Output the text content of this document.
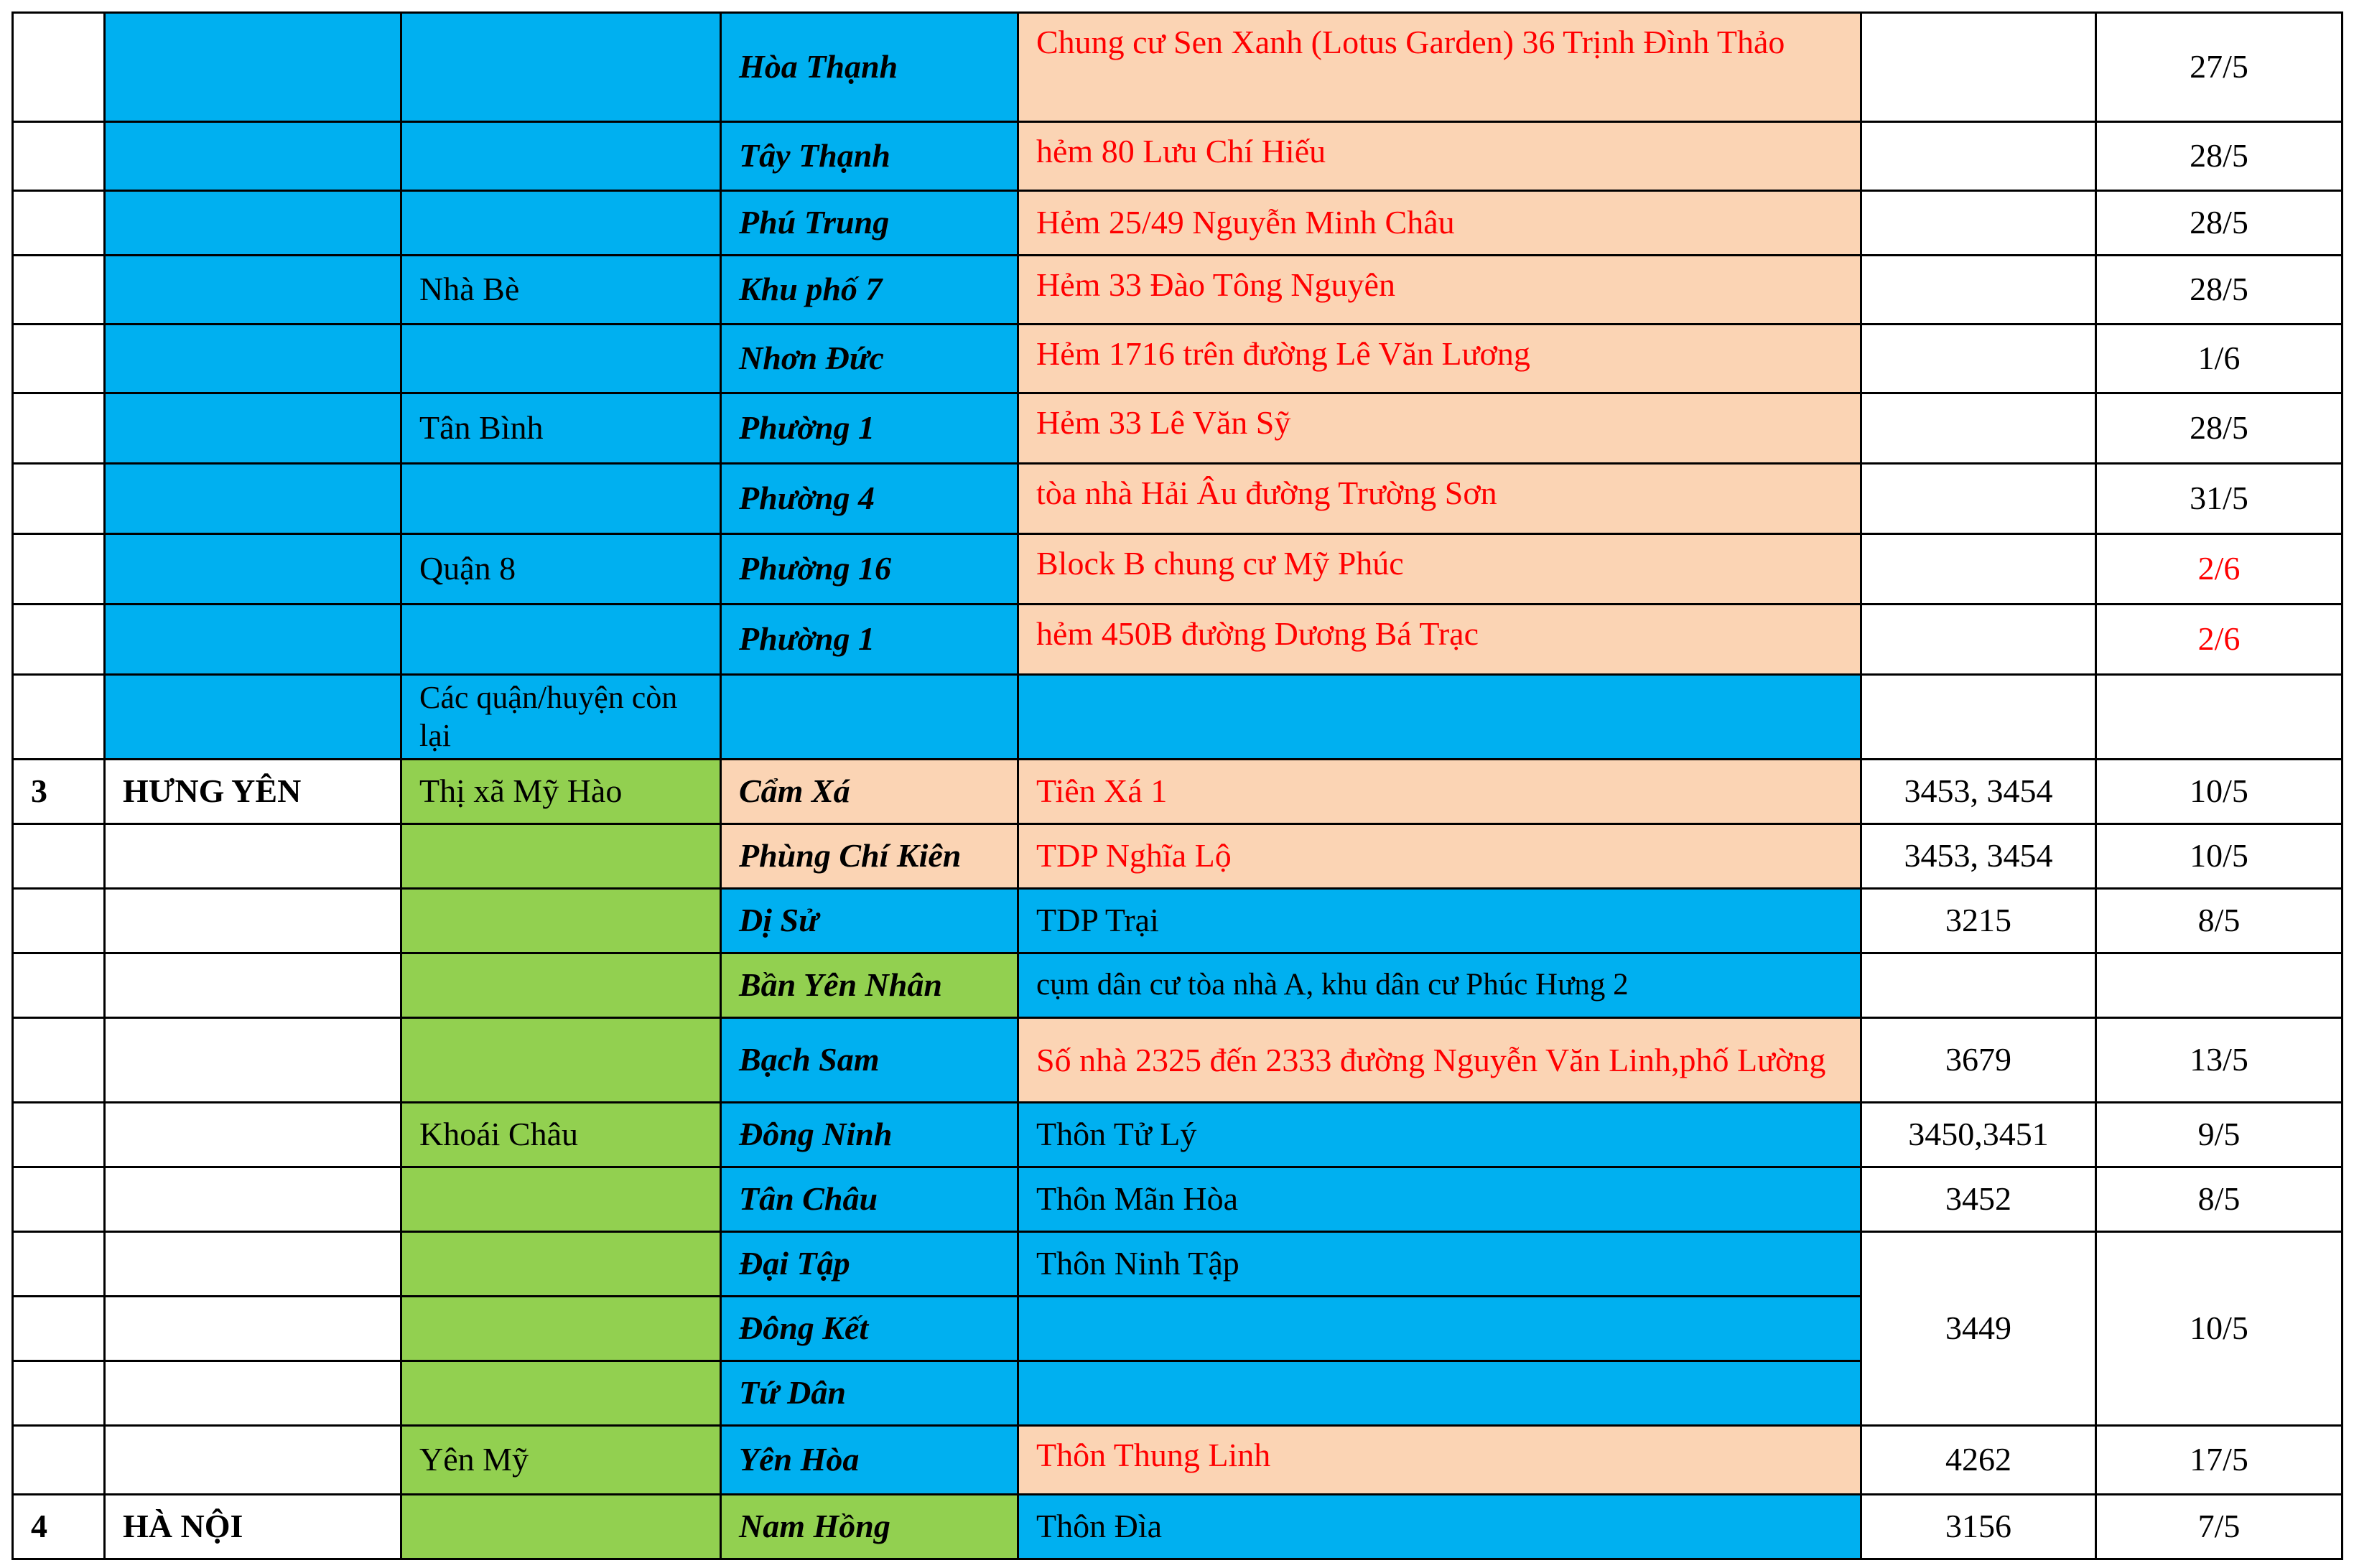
			Hòa Thạnh	Chung cư Sen Xanh (Lotus Garden) 36 Trịnh Đình Thảo		27/5
			Tây Thạnh	hẻm 80 Lưu Chí Hiếu		28/5
			Phú Trung	Hẻm 25/49 Nguyễn Minh Châu		28/5
		Nhà Bè	Khu phố 7	Hẻm 33 Đào Tông Nguyên		28/5
			Nhơn Đức	Hẻm 1716 trên đường Lê Văn Lương		1/6
		Tân Bình	Phường 1	Hẻm 33 Lê Văn Sỹ		28/5
			Phường 4	tòa nhà Hải Âu đường Trường Sơn		31/5
		Quận 8	Phường 16	Block B chung cư Mỹ Phúc		2/6
			Phường 1	hẻm 450B đường Dương Bá Trạc		2/6
		Các quận/huyện còn lại				
3	HƯNG YÊN	Thị xã Mỹ Hào	Cẩm Xá	Tiên Xá 1	3453, 3454	10/5
			Phùng Chí Kiên	TDP Nghĩa Lộ	3453, 3454	10/5
			Dị Sử	TDP Trại	3215	8/5
			Bần Yên Nhân	cụm dân cư tòa nhà A, khu dân cư Phúc Hưng 2		
			Bạch Sam	Số nhà 2325 đến 2333 đường Nguyễn Văn Linh,phố Lường	3679	13/5
		Khoái Châu	Đông Ninh	Thôn Tử Lý	3450,3451	9/5
			Tân Châu	Thôn Mãn Hòa	3452	8/5
			Đại Tập	Thôn Ninh Tập	3449	10/5
			Đông Kết			
			Tứ Dân			
		Yên Mỹ	Yên Hòa	Thôn Thung Linh	4262	17/5
4	HÀ NỘI		Nam Hồng	Thôn Đìa	3156	7/5
